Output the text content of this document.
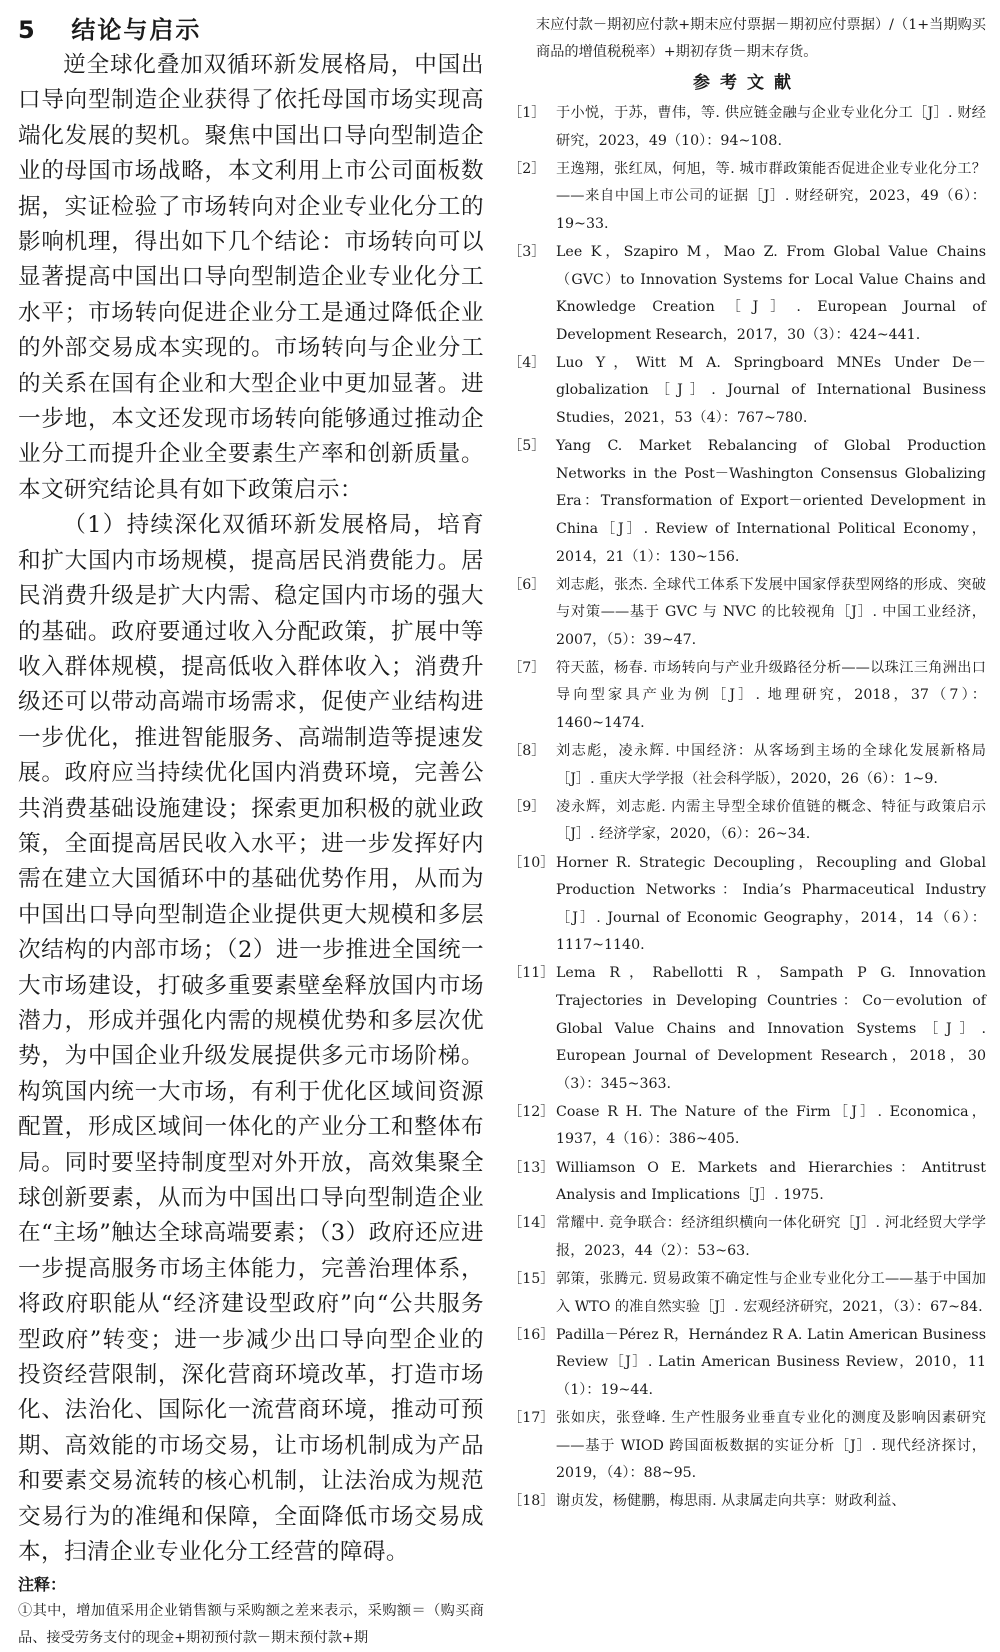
5 结论与启示

逆全球化叠加双循环新发展格局，中国出口导向型制造企业获得了依托母国市场实现高端化发展的契机。聚焦中国出口导向型制造企业的母国市场战略，本文利用上市公司面板数据，实证检验了市场转向对企业专业化分工的影响机理，得出如下几个结论：市场转向可以显著提高中国出口导向型制造企业专业化分工水平；市场转向促进企业分工是通过降低企业的外部交易成本实现的。市场转向与企业分工的关系在国有企业和大型企业中更加显著。进一步地，本文还发现市场转向能够通过推动企业分工而提升企业全要素生产率和创新质量。本文研究结论具有如下政策启示：

（1）持续深化双循环新发展格局，培育和扩大国内市场规模，提高居民消费能力。居民消费升级是扩大内需、稳定国内市场的强大的基础。政府要通过收入分配政策，扩展中等收入群体规模，提高低收入群体收入；消费升级还可以带动高端市场需求，促使产业结构进一步优化，推进智能服务、高端制造等提速发展。政府应当持续优化国内消费环境，完善公共消费基础设施建设；探索更加积极的就业政策，全面提高居民收入水平；进一步发挥好内需在建立大国循环中的基础优势作用，从而为中国出口导向型制造企业提供更大规模和多层次结构的内部市场；（2）进一步推进全国统一大市场建设，打破多重要素壁垒释放国内市场潜力，形成并强化内需的规模优势和多层次优势，为中国企业升级发展提供多元市场阶梯。构筑国内统一大市场，有利于优化区域间资源配置，形成区域间一体化的产业分工和整体布局。同时要坚持制度型对外开放，高效集聚全球创新要素，从而为中国出口导向型制造企业在“主场”触达全球高端要素；（3）政府还应进一步提高服务市场主体能力，完善治理体系，将政府职能从“经济建设型政府”向“公共服务型政府”转变；进一步减少出口导向型企业的投资经营限制，深化营商环境改革，打造市场化、法治化、国际化一流营商环境，推动可预期、高效能的市场交易，让市场机制成为产品和要素交易流转的核心机制，让法治成为规范交易行为的准绳和保障，全面降低市场交易成本，扫清企业专业化分工经营的障碍。

注释：

①其中，增加值采用企业销售额与采购额之差来表示，采购额＝（购买商品、接受劳务支付的现金+期初预付款－期末预付款+期

末应付款－期初应付款+期末应付票据－期初应付票据）/（1+当期购买商品的增值税税率）+期初存货－期末存货。

参考文献
［1］ 于小悦，于苏，曹伟，等. 供应链金融与企业专业化分工［J］. 财经研究，2023，49（10）：94~108.
［2］ 王逸翔，张红凤，何旭，等. 城市群政策能否促进企业专业化分工？——来自中国上市公司的证据［J］. 财经研究，2023，49（6）：19~33.
［3］ Lee K，Szapiro M，Mao Z. From Global Value Chains（GVC）to Innovation Systems for Local Value Chains and Knowledge Creation［J］. European Journal of Development Research，2017，30（3）：424~441.
［4］ Luo Y，Witt M A. Springboard MNEs Under De－globalization［J］. Journal of International Business Studies，2021，53（4）：767~780.
［5］ Yang C. Market Rebalancing of Global Production Networks in the Post－Washington Consensus Globalizing Era：Transformation of Export－oriented Development in China［J］. Review of International Political Economy，2014，21（1）：130~156.
［6］ 刘志彪，张杰. 全球代工体系下发展中国家俘获型网络的形成、突破与对策——基于 GVC 与 NVC 的比较视角［J］. 中国工业经济，2007，（5）：39~47.
［7］ 符天蓝，杨春. 市场转向与产业升级路径分析——以珠江三角洲出口导向型家具产业为例［J］. 地理研究，2018，37（7）：1460~1474.
［8］ 刘志彪，凌永辉. 中国经济：从客场到主场的全球化发展新格局［J］. 重庆大学学报（社会科学版），2020，26（6）：1~9.
［9］ 凌永辉，刘志彪. 内需主导型全球价值链的概念、特征与政策启示［J］. 经济学家，2020，（6）：26~34.
［10］ Horner R. Strategic Decoupling，Recoupling and Global Production Networks：India’s Pharmaceutical Industry［J］. Journal of Economic Geography，2014，14（6）：1117~1140.
［11］ Lema R，Rabellotti R，Sampath P G. Innovation Trajectories in Developing Countries：Co－evolution of Global Value Chains and Innovation Systems［J］. European Journal of Development Research，2018，30（3）：345~363.
［12］ Coase R H. The Nature of the Firm［J］. Economica，1937，4（16）：386~405.
［13］ Williamson O E. Markets and Hierarchies：Antitrust Analysis and Implications［J］. 1975.
［14］ 常耀中. 竞争联合：经济组织横向一体化研究［J］. 河北经贸大学学报，2023，44（2）：53~63.
［15］ 郭策，张腾元. 贸易政策不确定性与企业专业化分工——基于中国加入 WTO 的准自然实验［J］. 宏观经济研究，2021，（3）：67~84.
［16］ Padilla－Pérez R，Hernández R A. Latin American Business Review［J］. Latin American Business Review，2010，11（1）：19~44.
［17］ 张如庆，张登峰. 生产性服务业垂直专业化的测度及影响因素研究——基于 WIOD 跨国面板数据的实证分析［J］. 现代经济探讨，2019，（4）：88~95.
［18］ 谢贞发，杨健鹏，梅思雨. 从隶属走向共享：财政利益、
